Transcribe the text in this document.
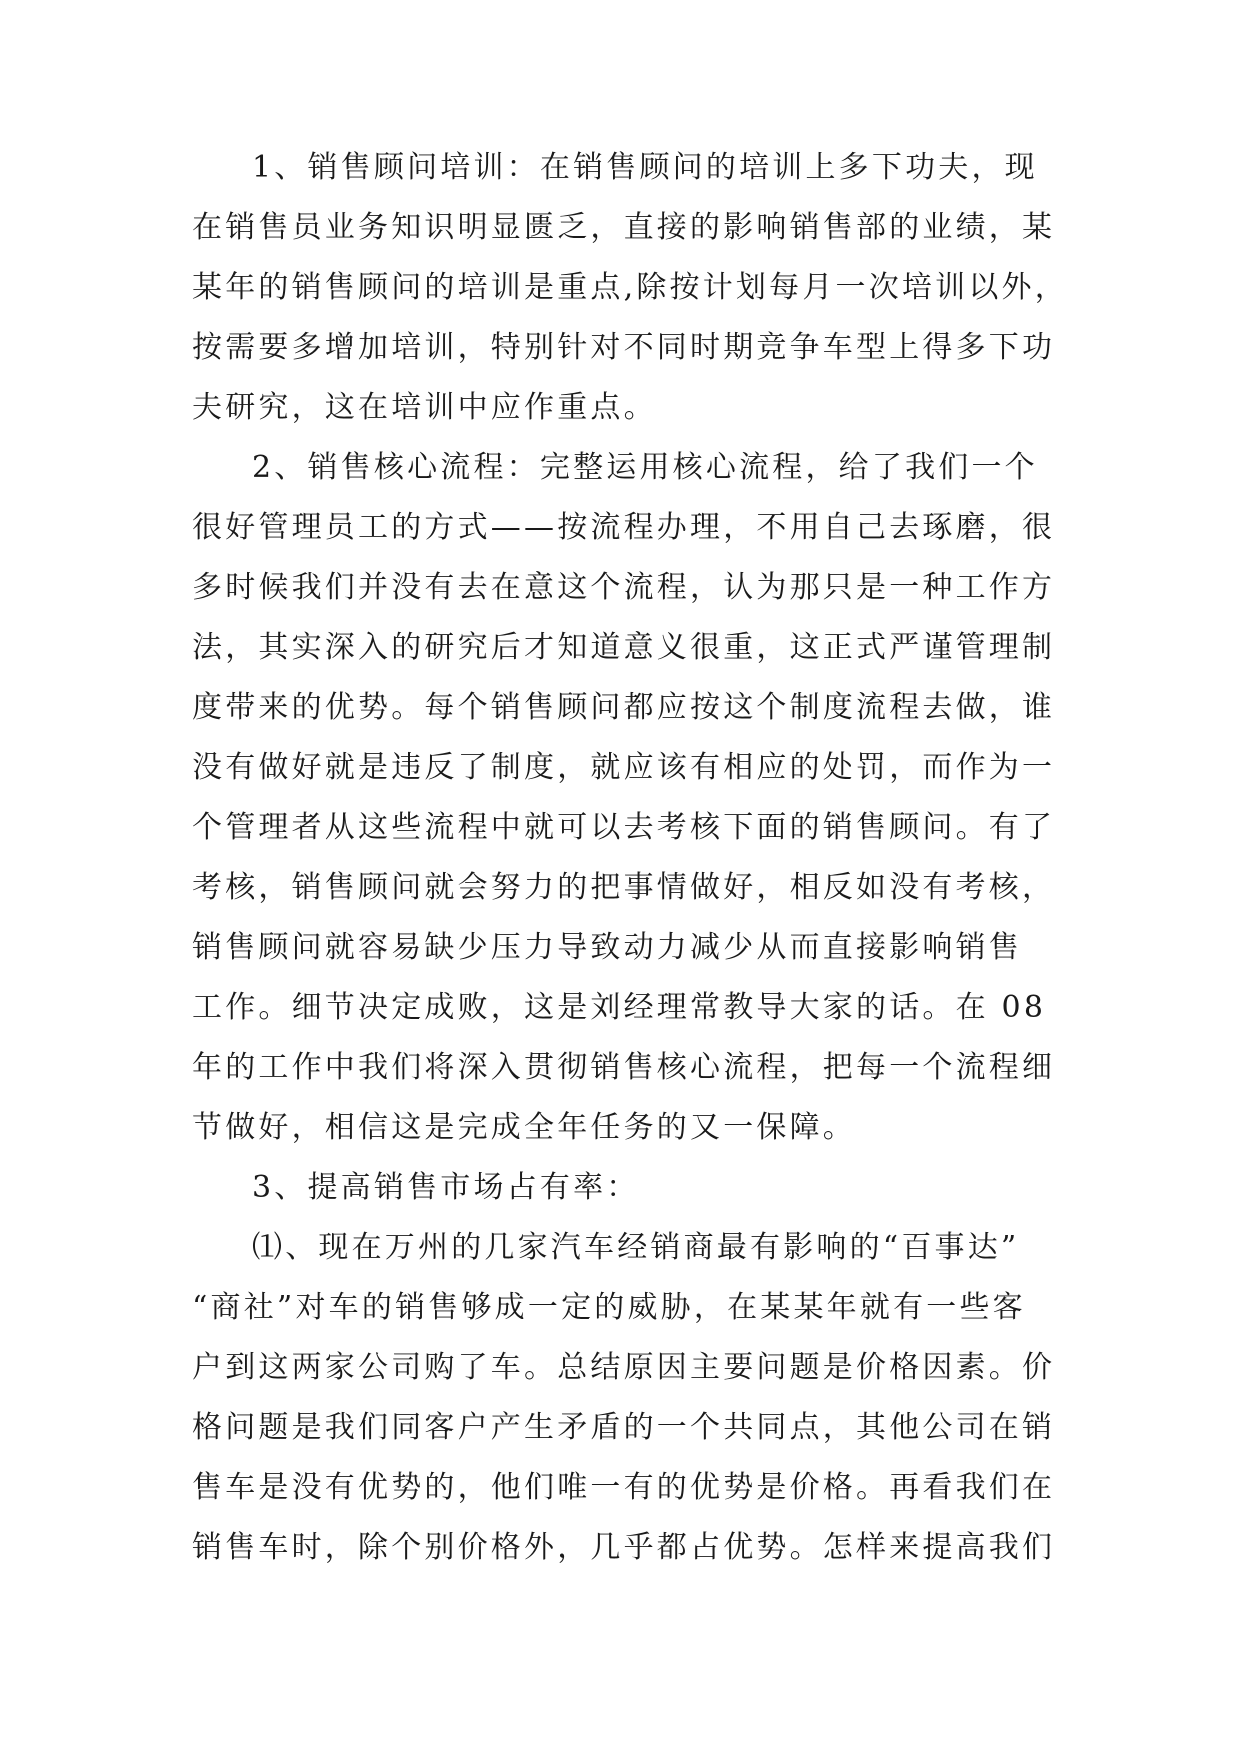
1、销售顾问培训：在销售顾问的培训上多下功夫，现
在销售员业务知识明显匮乏，直接的影响销售部的业绩，某
某年的销售顾问的培训是重点,除按计划每月一次培训以外，
按需要多增加培训，特别针对不同时期竞争车型上得多下功
夫研究，这在培训中应作重点。
2、销售核心流程：完整运用核心流程，给了我们一个
很好管理员工的方式——按流程办理，不用自己去琢磨，很
多时候我们并没有去在意这个流程，认为那只是一种工作方
法，其实深入的研究后才知道意义很重，这正式严谨管理制
度带来的优势。每个销售顾问都应按这个制度流程去做，谁
没有做好就是违反了制度，就应该有相应的处罚，而作为一
个管理者从这些流程中就可以去考核下面的销售顾问。有了
考核，销售顾问就会努力的把事情做好，相反如没有考核，
销售顾问就容易缺少压力导致动力减少从而直接影响销售
工作。细节决定成败，这是刘经理常教导大家的话。在 08
年的工作中我们将深入贯彻销售核心流程，把每一个流程细
节做好，相信这是完成全年任务的又一保障。
3、提高销售市场占有率：
⑴、现在万州的几家汽车经销商最有影响的“百事达”
“商社”对车的销售够成一定的威胁，在某某年就有一些客
户到这两家公司购了车。总结原因主要问题是价格因素。价
格问题是我们同客户产生矛盾的一个共同点，其他公司在销
售车是没有优势的，他们唯一有的优势是价格。再看我们在
销售车时，除个别价格外，几乎都占优势。怎样来提高我们
